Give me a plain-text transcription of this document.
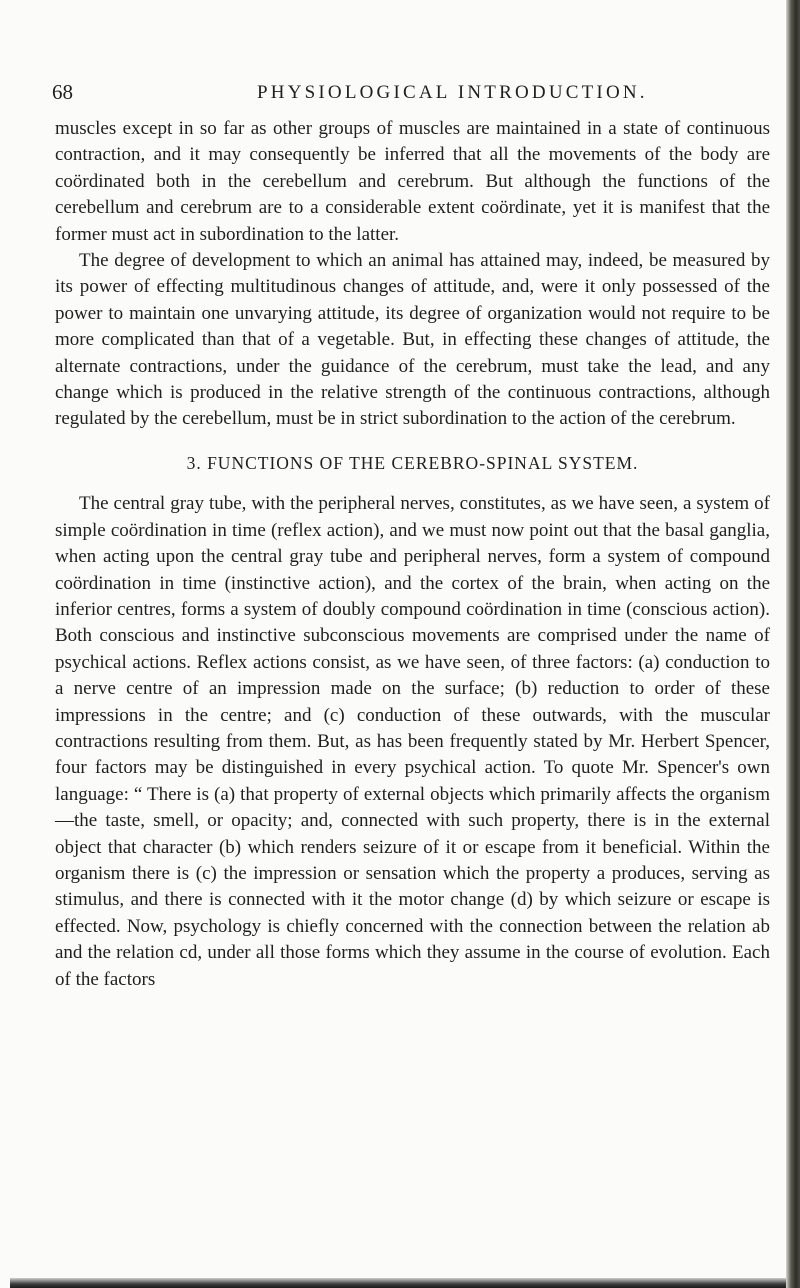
68	PHYSIOLOGICAL INTRODUCTION.

muscles except in so far as other groups of muscles are maintained in a state of continuous contraction, and it may consequently be inferred that all the movements of the body are coördinated both in the cerebellum and cerebrum. But although the functions of the cerebellum and cerebrum are to a considerable extent coördinate, yet it is manifest that the former must act in subordination to the latter.

The degree of development to which an animal has attained may, indeed, be measured by its power of effecting multitudinous changes of attitude, and, were it only possessed of the power to maintain one unvarying attitude, its degree of organization would not require to be more complicated than that of a vegetable. But, in effecting these changes of attitude, the alternate contractions, under the guidance of the cerebrum, must take the lead, and any change which is produced in the relative strength of the continuous contractions, although regulated by the cerebellum, must be in strict subordination to the action of the cerebrum.

3. FUNCTIONS OF THE CEREBRO-SPINAL SYSTEM.

The central gray tube, with the peripheral nerves, constitutes, as we have seen, a system of simple coördination in time (reflex action), and we must now point out that the basal ganglia, when acting upon the central gray tube and peripheral nerves, form a system of compound coördination in time (instinctive action), and the cortex of the brain, when acting on the inferior centres, forms a system of doubly compound coördination in time (conscious action). Both conscious and instinctive subconscious movements are comprised under the name of psychical actions. Reflex actions consist, as we have seen, of three factors: (a) conduction to a nerve centre of an impression made on the surface; (b) reduction to order of these impressions in the centre; and (c) conduction of these outwards, with the muscular contractions resulting from them. But, as has been frequently stated by Mr. Herbert Spencer, four factors may be distinguished in every psychical action. To quote Mr. Spencer's own language: “ There is (a) that property of external objects which primarily affects the organism—the taste, smell, or opacity; and, connected with such property, there is in the external object that character (b) which renders seizure of it or escape from it beneficial. Within the organism there is (c) the impression or sensation which the property a produces, serving as stimulus, and there is connected with it the motor change (d) by which seizure or escape is effected. Now, psychology is chiefly concerned with the connection between the relation ab and the relation cd, under all those forms which they assume in the course of evolution. Each of the factors
